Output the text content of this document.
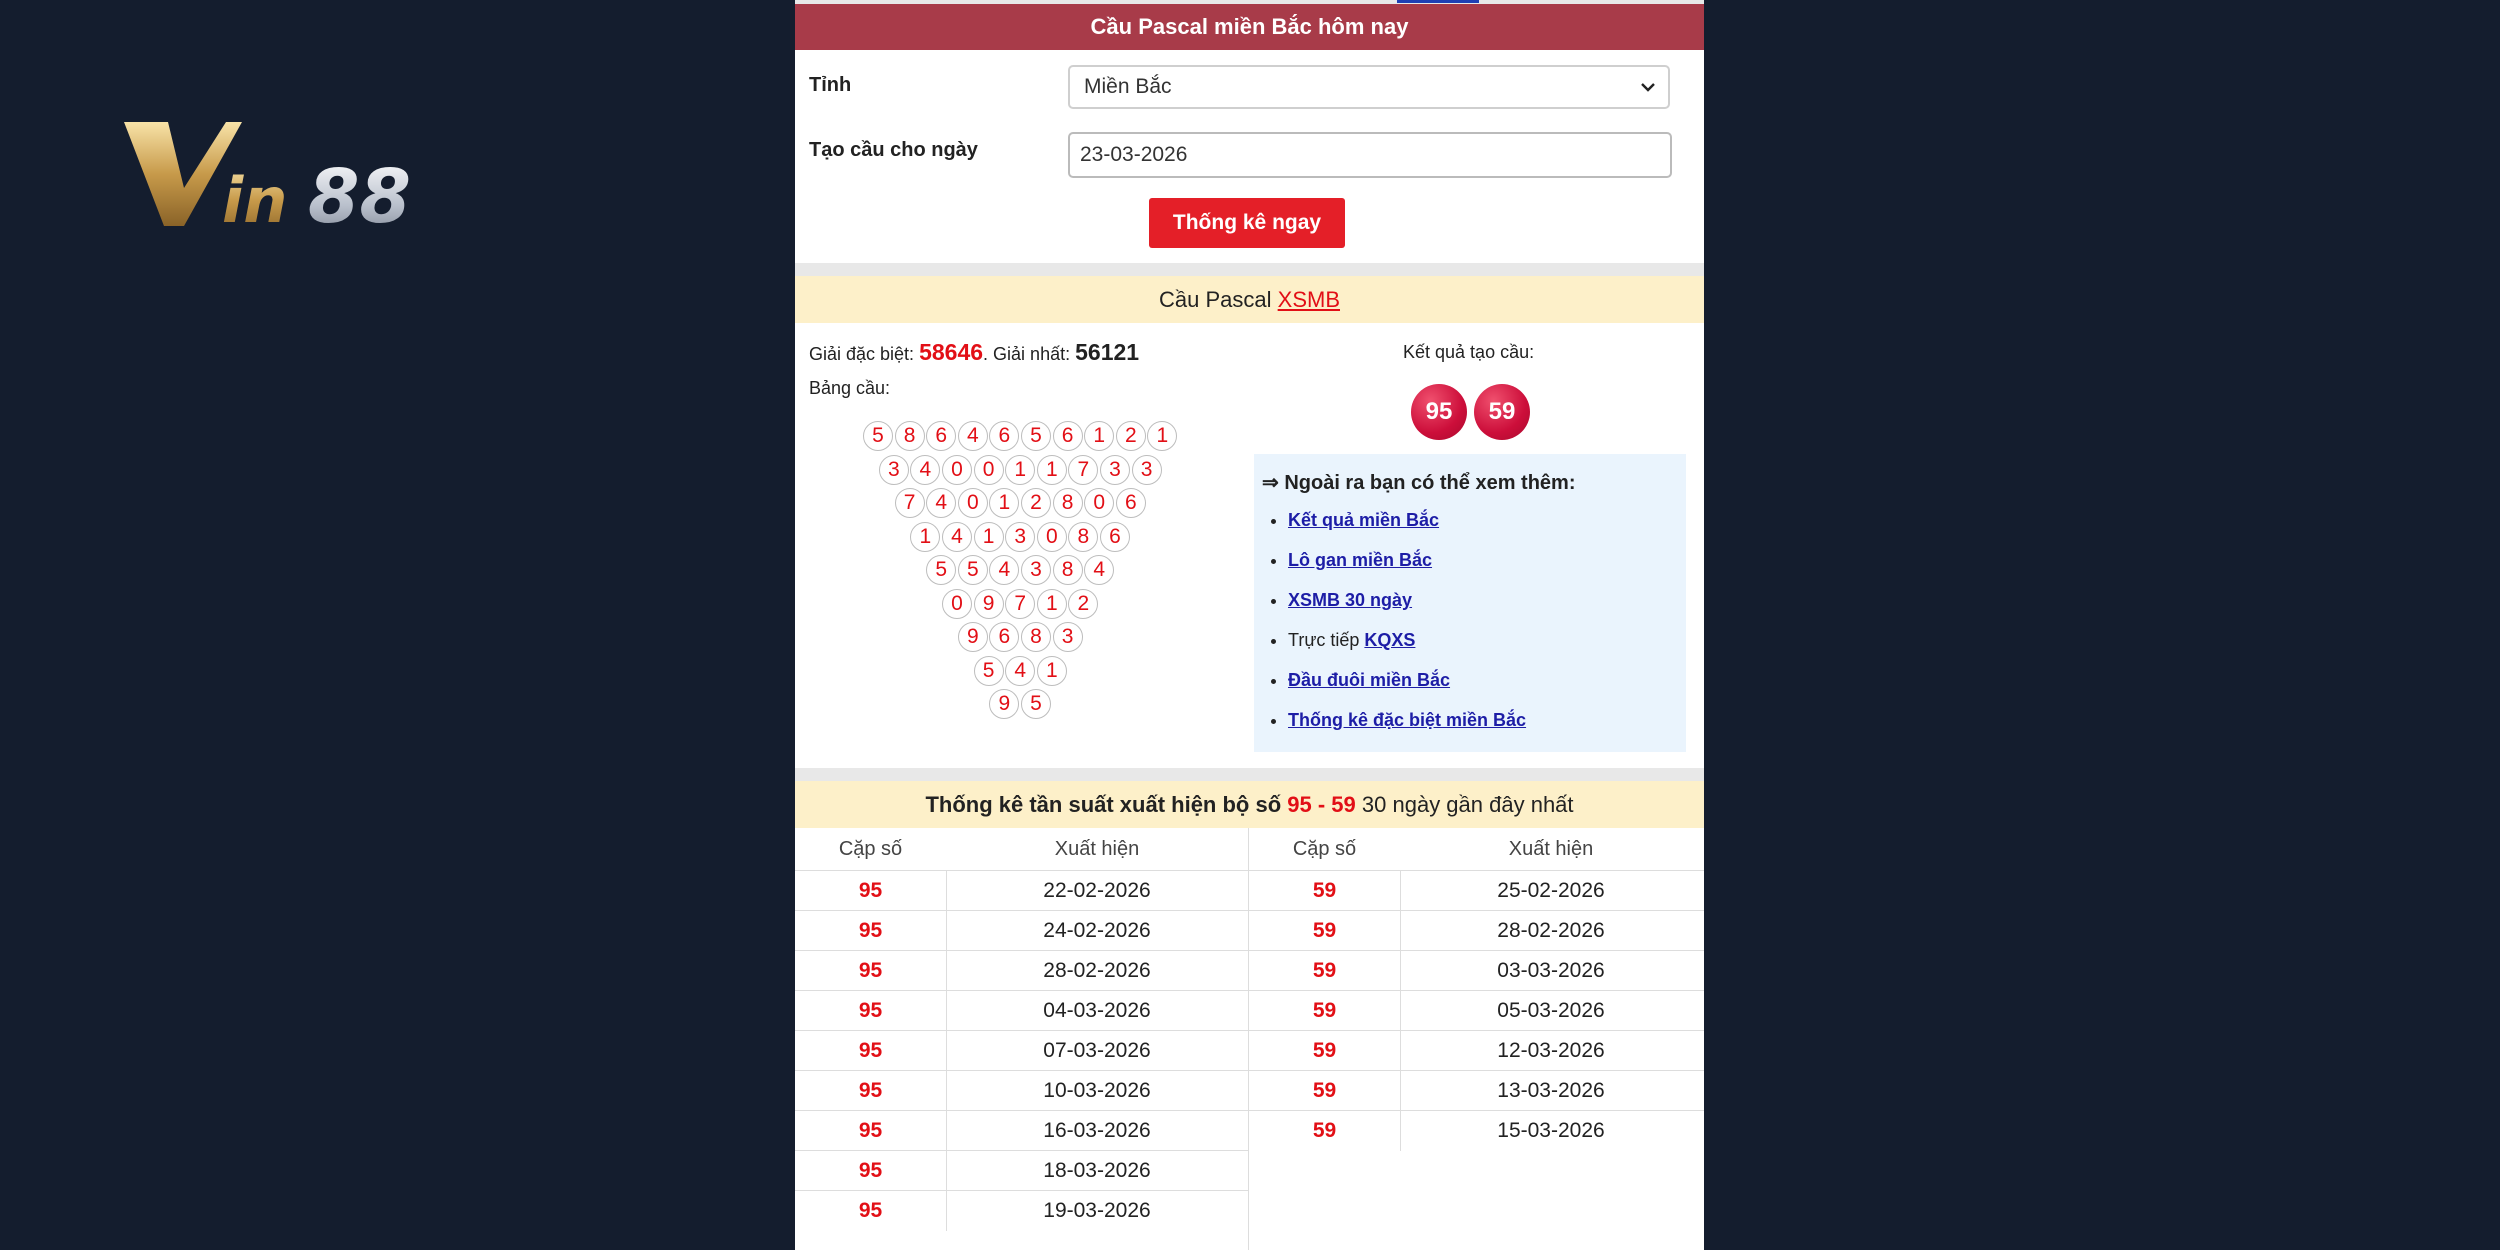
in 88
Cầu Pascal miền Bắc hôm nay
Tỉnh	Miền Bắc
Tạo cầu cho ngày	23-03-2026
Thống kê ngay
Cầu Pascal XSMB
Giải đặc biệt: 58646. Giải nhất: 56121
Bảng cầu:
5 8 6 4 6 5 6 1 2 1
3 4 0 0 1 1 7 3 3
7 4 0 1 2 8 0 6
1 4 1 3 0 8 6
5 5 4 3 8 4
0 9 7 1 2
9 6 8 3
5 4 1
9 5
Kết quả tạo cầu:
95	59
⇒ Ngoài ra bạn có thể xem thêm:
• Kết quả miền Bắc
• Lô gan miền Bắc
• XSMB 30 ngày
• Trực tiếp KQXS
• Đầu đuôi miền Bắc
• Thống kê đặc biệt miền Bắc
Thống kê tần suất xuất hiện bộ số 95 - 59 30 ngày gần đây nhất
Cặp số	Xuất hiện
95	22-02-2026
95	24-02-2026
95	28-02-2026
95	04-03-2026
95	07-03-2026
95	10-03-2026
95	16-03-2026
95	18-03-2026
95	19-03-2026
Cặp số	Xuất hiện
59	25-02-2026
59	28-02-2026
59	03-03-2026
59	05-03-2026
59	12-03-2026
59	13-03-2026
59	15-03-2026
